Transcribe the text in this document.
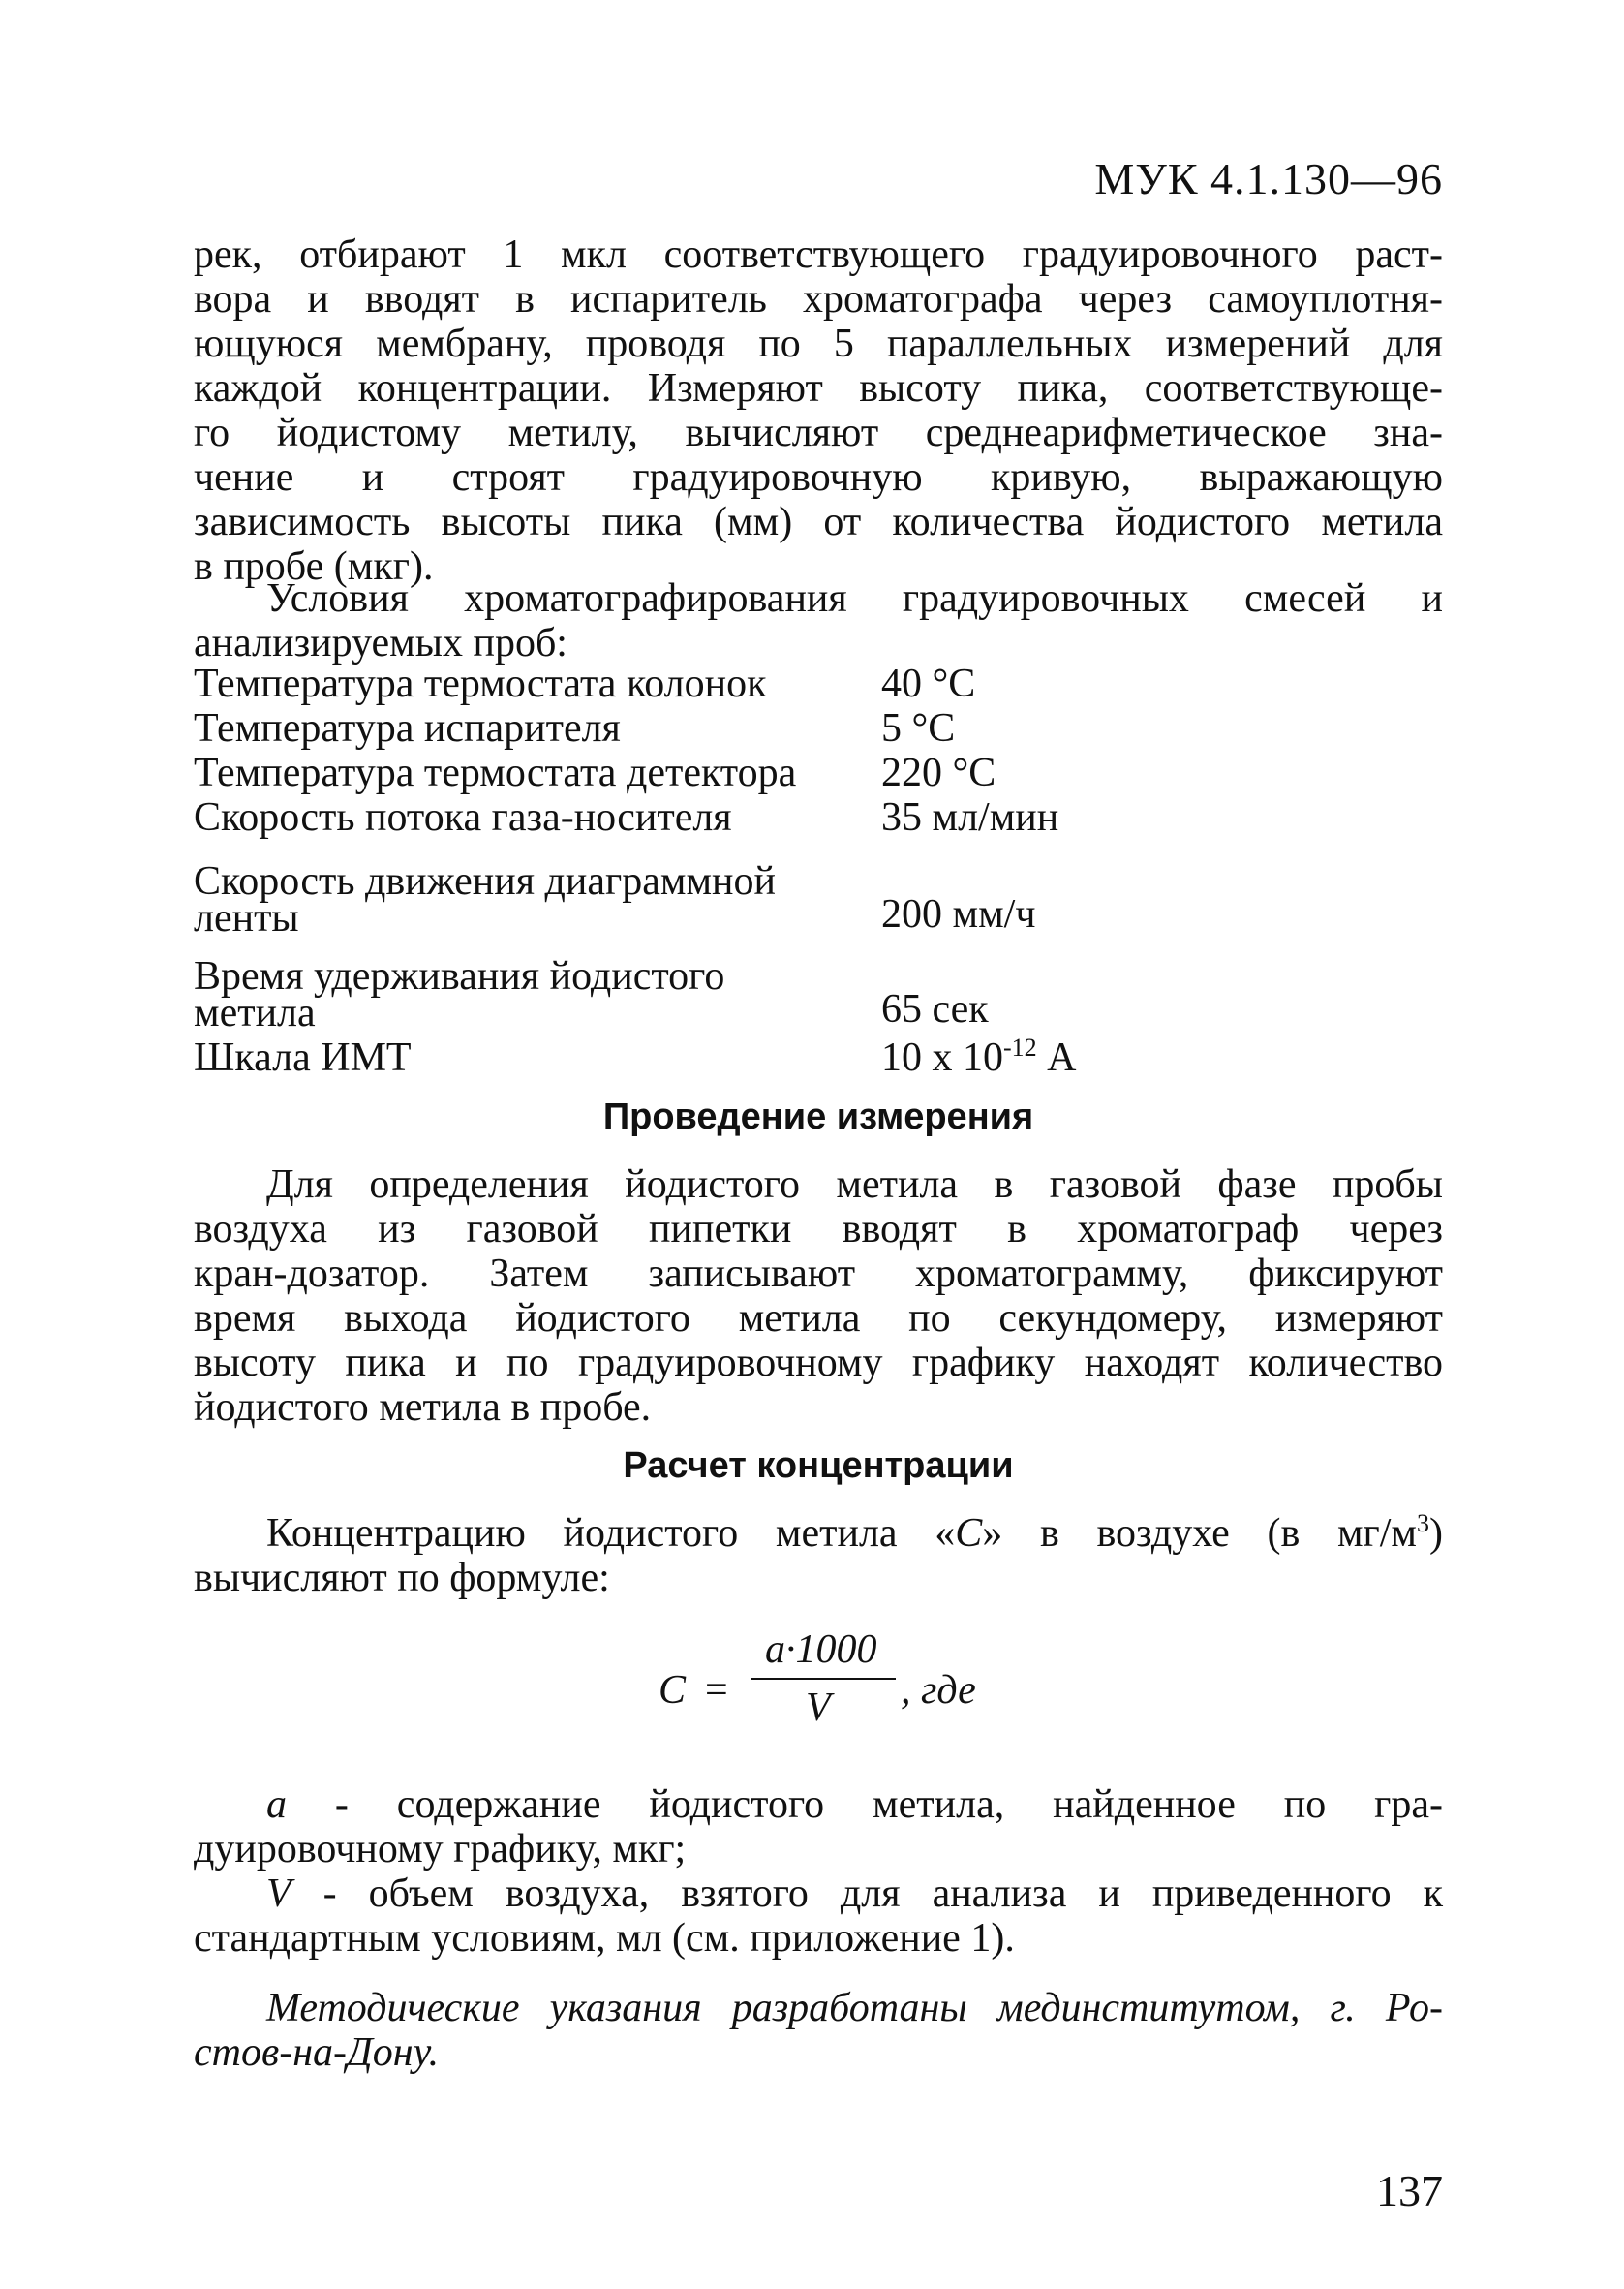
МУК 4.1.130—96
рек, отбирают 1 мкл соответствующего градуировочного раст-
вора и вводят в испаритель хроматографа через самоуплотня-
ющуюся мембрану, проводя по 5 параллельных измерений для
каждой концентрации. Измеряют высоту пика, соответствующе-
го йодистому метилу, вычисляют среднеарифметическое зна-
чение и строят градуировочную кривую, выражающую
зависимость высоты пика (мм) от количества йодистого метила
в пробе (мкг).
Условия хроматографирования градуировочных смесей и
анализируемых проб:
Температура термостата колонок	40 °С
Температура испарителя	5 °С
Температура термостата детектора	220 °С
Скорость потока газа-носителя	35 мл/мин
Скорость движения диаграммной
ленты	200 мм/ч
Время удерживания йодистого
метила	65 сек
Шкала ИМТ	10 х $10^{-12}$ А
Проведение измерения
Для определения йодистого метила в газовой фазе пробы
воздуха из газовой пипетки вводят в хроматограф через
кран-дозатор. Затем записывают хроматограмму, фиксируют
время выхода йодистого метила по секундомеру, измеряют
высоту пика и по градуировочному графику находят количество
йодистого метила в пробе.
Расчет концентрации
Концентрацию йодистого метила «С» в воздухе (в $мг/м^3$)
вычисляют по формуле:
С =
a·1000
V , где
а - содержание йодистого метила, найденное по гра-
дуировочному графику, мкг;
V - объем воздуха, взятого для анализа и приведенного к
стандартным условиям, мл (см. приложение 1).
Методические указания разработаны мединститутом, г. Ро-
стов-на-Дону.
137
